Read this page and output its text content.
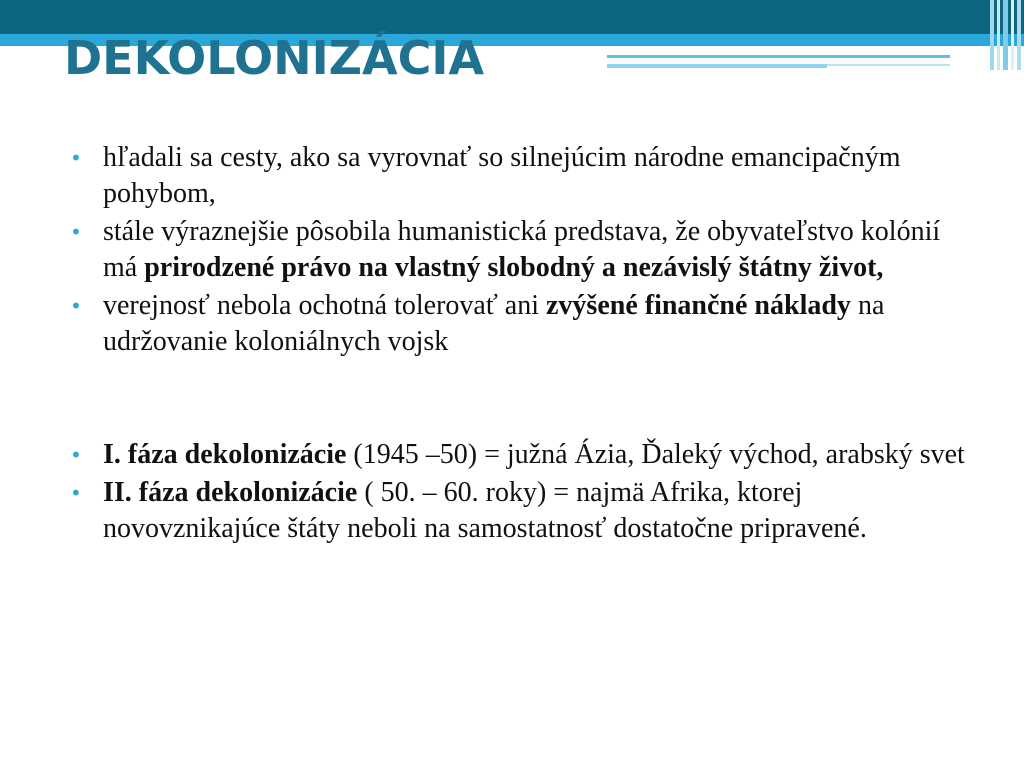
DEKOLONIZÁCIA
• hľadali sa cesty, ako sa vyrovnať so silnejúcim národne emancipačným pohybom,
• stále výraznejšie pôsobila humanistická predstava, že obyvateľstvo kolónií má prirodzené právo na vlastný slobodný a nezávislý štátny život,
• verejnosť nebola ochotná tolerovať ani zvýšené finančné náklady na udržovanie koloniálnych vojsk
• I. fáza dekolonizácie (1945 –50) = južná Ázia, Ďaleký východ, arabský svet
• II. fáza dekolonizácie ( 50. – 60. roky) = najmä Afrika, ktorej novovznikajúce štáty neboli na samostatnosť dostatočne pripravené.
